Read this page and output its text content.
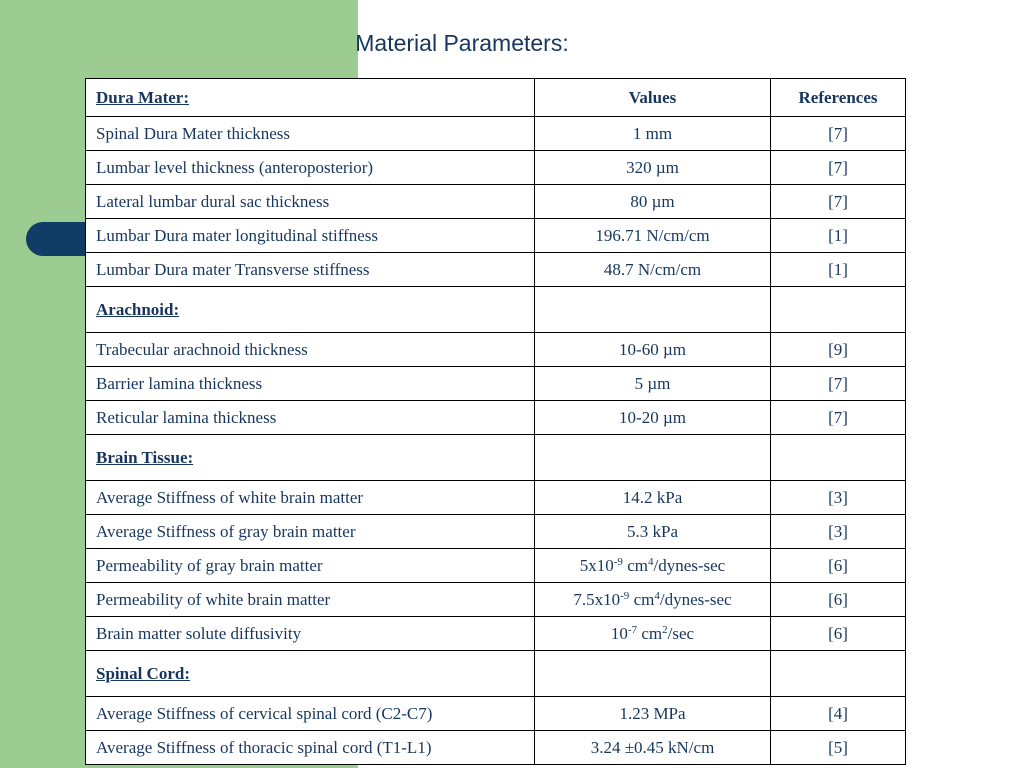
Material Parameters:
Dura Mater:	Values	References
Spinal Dura Mater thickness	1 mm	[7]
Lumbar level thickness (anteroposterior)	320 µm	[7]
Lateral lumbar dural sac thickness	80 µm	[7]
Lumbar Dura mater longitudinal stiffness	196.71 N/cm/cm	[1]
Lumbar Dura mater Transverse stiffness	48.7 N/cm/cm	[1]
Arachnoid:		
Trabecular arachnoid thickness	10-60 µm	[9]
Barrier lamina thickness	5 µm	[7]
Reticular lamina thickness	10-20 µm	[7]
Brain Tissue:		
Average Stiffness of white brain matter	14.2 kPa	[3]
Average Stiffness of gray brain matter	5.3 kPa	[3]
Permeability of gray brain matter	$5x10^{-9}$ $cm^4/dynes-\sec$	[6]
Permeability of white brain matter	$7.5x10^{-9}$ $cm^4/dynes-\sec$	[6]
Brain matter solute diffusivity	$10^{-7}$ $cm^2/\sec$	[6]
Spinal Cord:		
Average Stiffness of cervical spinal cord (C2-C7)	1.23 MPa	[4]
Average Stiffness of thoracic spinal cord (T1-L1)	3.24 ±0.45 kN/cm	[5]
